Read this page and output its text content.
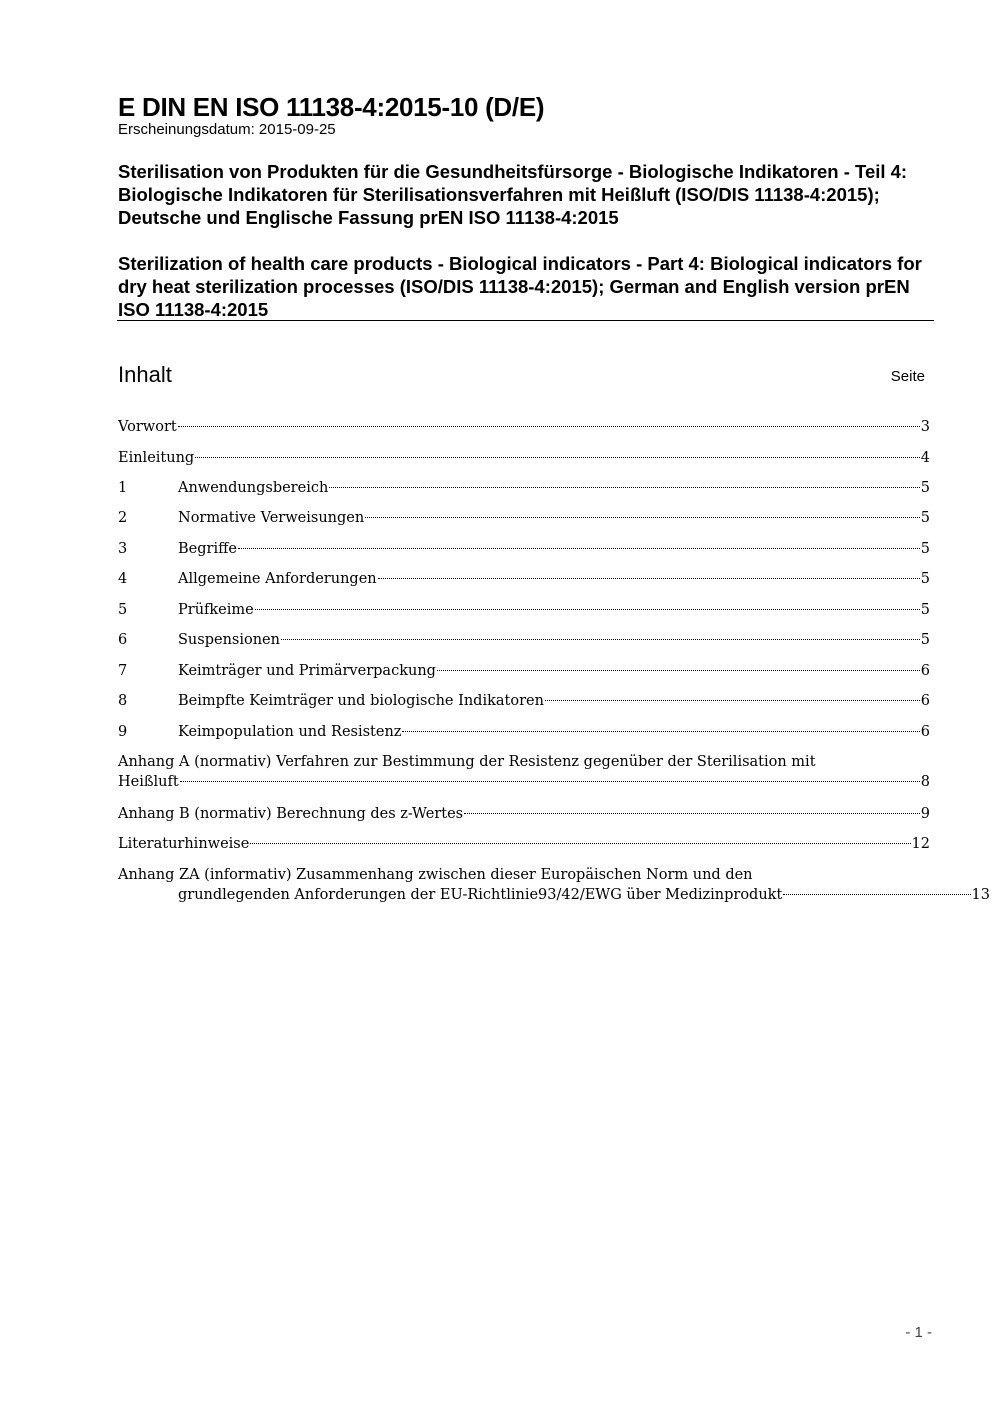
E DIN EN ISO 11138-4:2015-10 (D/E)
Erscheinungsdatum: 2015-09-25
Sterilisation von Produkten für die Gesundheitsfürsorge - Biologische Indikatoren - Teil 4: Biologische Indikatoren für Sterilisationsverfahren mit Heißluft (ISO/DIS 11138-4:2015); Deutsche und Englische Fassung prEN ISO 11138-4:2015
Sterilization of health care products - Biological indicators - Part 4: Biological indicators for dry heat sterilization processes (ISO/DIS 11138-4:2015); German and English version prEN ISO 11138-4:2015
Inhalt	Seite
Vorwort	3
Einleitung	4
1	Anwendungsbereich	5
2	Normative Verweisungen	5
3	Begriffe	5
4	Allgemeine Anforderungen	5
5	Prüfkeime	5
6	Suspensionen	5
7	Keimträger und Primärverpackung	6
8	Beimpfte Keimträger und biologische Indikatoren	6
9	Keimpopulation und Resistenz	6
Anhang A (normativ) Verfahren zur Bestimmung der Resistenz gegenüber der Sterilisation mit
Heißluft	8
Anhang B (normativ) Berechnung des z-Wertes	9
Literaturhinweise	12
Anhang ZA (informativ) Zusammenhang zwischen dieser Europäischen Norm und den
grundlegenden Anforderungen der EU-Richtlinie93/42/EWG über Medizinprodukt	13
- 1 -
